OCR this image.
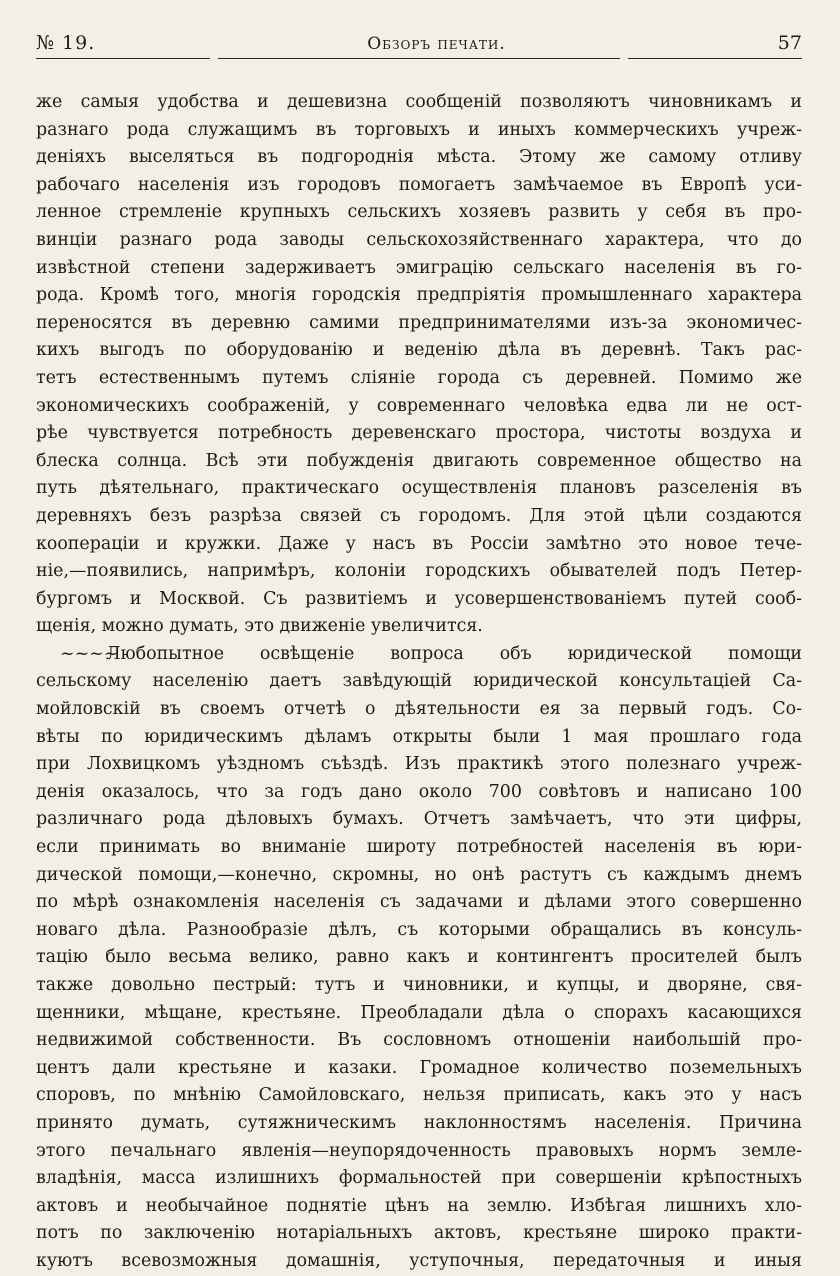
№ 19.	Обзоръ печати.	57
же самыя удобства и дешевизна сообщеній позволяютъ чиновникамъ и
разнаго рода служащимъ въ торговыхъ и иныхъ коммерческихъ учреж-
деніяхъ выселяться въ подгороднія мѣста. Этому же самому отливу
рабочаго населенія изъ городовъ помогаетъ замѣчаемое въ Европѣ уси-
ленное стремленіе крупныхъ сельскихъ хозяевъ развить у себя въ про-
винціи разнаго рода заводы сельскохозяйственнаго характера, что до
извѣстной степени задерживаетъ эмиграцію сельскаго населенія въ го-
рода. Кромѣ того, многія городскія предпріятія промышленнаго характера
переносятся въ деревню самими предпринимателями изъ-за экономичес-
кихъ выгодъ по оборудованію и веденію дѣла въ деревнѣ. Такъ рас-
тетъ естественнымъ путемъ сліяніе города съ деревней. Помимо же
экономическихъ соображеній, у современнаго человѣка едва ли не ост-
рѣе чувствуется потребность деревенскаго простора, чистоты воздуха и
блеска солнца. Всѣ эти побужденія двигають современное общество на
путь дѣятельнаго, практическаго осуществленія плановъ разселенія въ
деревняхъ безъ разрѣза связей съ городомъ. Для этой цѣли создаются
коопераціи и кружки. Даже у насъ въ Россіи замѣтно это новое тече-
ніе,—появились, напримѣръ, колоніи городскихъ обывателей подъ Петер-
бургомъ и Москвой. Съ развитіемъ и усовершенствованіемъ путей сооб-
щенія, можно думать, это движеніе увеличится.
~~~~Любопытное освѣщеніе вопроса объ юридической помощи
сельскому населенію даетъ завѣдующій юридической консультаціей Са-
мойловскій въ своемъ отчетѣ о дѣятельности ея за первый годъ. Со-
вѣты по юридическимъ дѣламъ открыты были 1 мая прошлаго года
при Лохвицкомъ уѣздномъ съѣздѣ. Изъ практикѣ этого полезнаго учреж-
денія оказалось, что за годъ дано около 700 совѣтовъ и написано 100
различнаго рода дѣловыхъ бумахъ. Отчетъ замѣчаетъ, что эти цифры,
если принимать во вниманіе широту потребностей населенія въ юри-
дической помощи,—конечно, скромны, но онѣ растутъ съ каждымъ днемъ
по мѣрѣ ознакомленія населенія съ задачами и дѣлами этого совершенно
новаго дѣла. Разнообразіе дѣлъ, съ которыми обращались въ консуль-
тацію было весьма велико, равно какъ и контингентъ просителей былъ
также довольно пестрый: тутъ и чиновники, и купцы, и дворяне, свя-
щенники, мѣщане, крестьяне. Преобладали дѣла о спорахъ касающихся
недвижимой собственности. Въ сословномъ отношеніи наибольшій про-
центъ дали крестьяне и казаки. Громадное количество поземельныхъ
споровъ, по мнѣнію Самойловскаго, нельзя приписать, какъ это у насъ
принято думать, сутяжническимъ наклонностямъ населенія. Причина
этого печальнаго явленія—неупорядоченность правовыхъ нормъ земле-
владѣнія, масса излишнихъ формальностей при совершеніи крѣпостныхъ
актовъ и необычайное поднятіе цѣнъ на землю. Избѣгая лишнихъ хло-
потъ по заключенію нотаріальныхъ актовъ, крестьяне широко практи-
куютъ всевозможныя домашнія, уступочныя, передаточныя и иныя
